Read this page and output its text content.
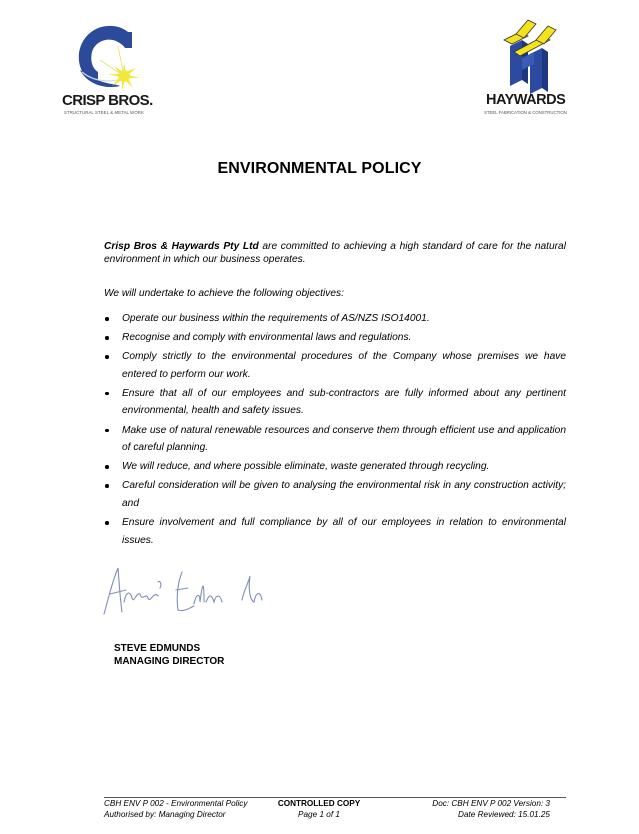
CRISP BROS.
STRUCTURAL STEEL & METAL WORK
HAYWARDS
STEEL FABRICATION & CONSTRUCTION
ENVIRONMENTAL POLICY
Crisp Bros & Haywards Pty Ltd are committed to achieving a high standard of care for the natural environment in which our business operates.
We will undertake to achieve the following objectives:
Operate our business within the requirements of AS/NZS ISO14001.
Recognise and comply with environmental laws and regulations.
Comply strictly to the environmental procedures of the Company whose premises we have entered to perform our work.
Ensure that all of our employees and sub-contractors are fully informed about any pertinent environmental, health and safety issues.
Make use of natural renewable resources and conserve them through efficient use and application of careful planning.
We will reduce, and where possible eliminate, waste generated through recycling.
Careful consideration will be given to analysing the environmental risk in any construction activity; and
Ensure involvement and full compliance by all of our employees in relation to environmental issues.
STEVE EDMUNDS
MANAGING DIRECTOR
CBH ENV P 002 - Environmental Policy
Authorised by: Managing Director
CONTROLLED COPY
Page 1 of 1
Doc: CBH ENV P 002 Version: 3
Date Reviewed: 15.01.25
